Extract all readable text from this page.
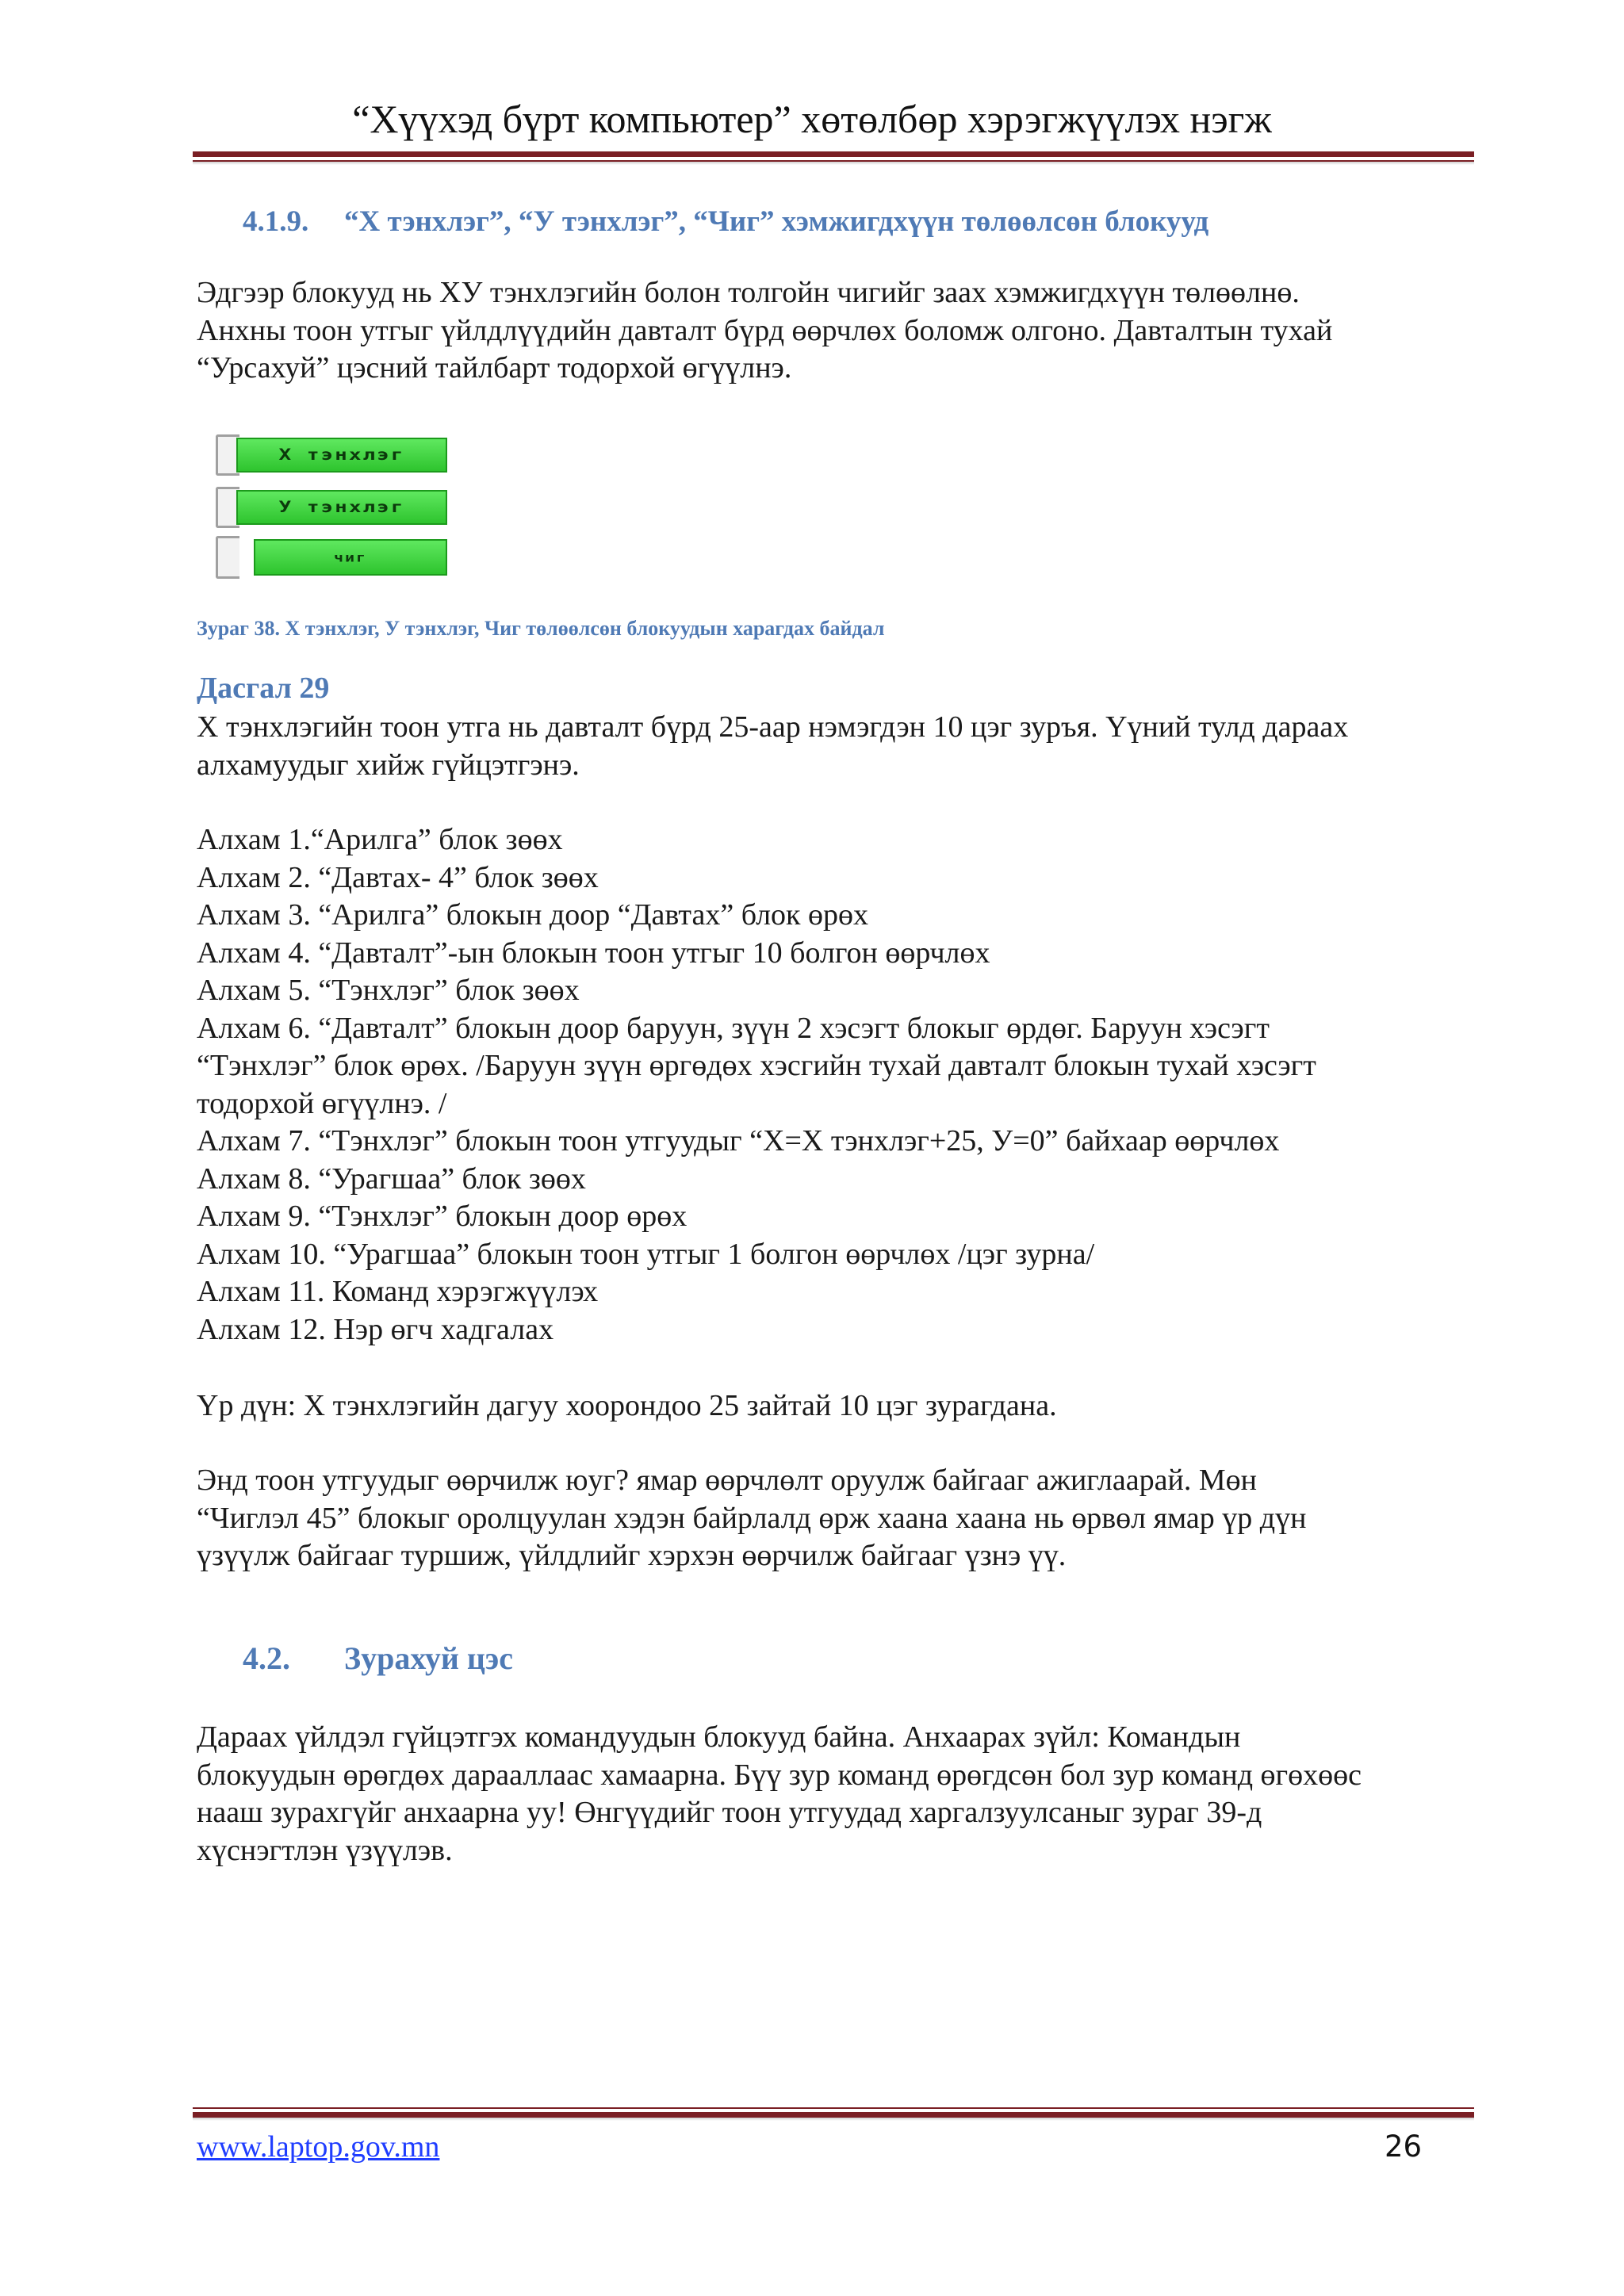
“Хүүхэд бүрт компьютер” хөтөлбөр хэрэгжүүлэх нэгж
4.1.9. “Х тэнхлэг”, “У тэнхлэг”, “Чиг” хэмжигдхүүн төлөөлсөн блокууд
Эдгээр блокууд нь ХУ тэнхлэгийн болон толгойн чигийг заах хэмжигдхүүн төлөөлнө.
Анхны тоон утгыг үйлдлүүдийн давталт бүрд өөрчлөх боломж олгоно. Давталтын тухай
“Урсахуй” цэсний тайлбарт тодорхой өгүүлнэ.
Х тэнхлэг
У тэнхлэг
чиг
Зураг 38. Х тэнхлэг, У тэнхлэг, Чиг төлөөлсөн блокуудын харагдах байдал
Дасгал 29
Х тэнхлэгийн тоон утга нь давталт бүрд 25-аар нэмэгдэн 10 цэг зуръя. Үүний тулд дараах
алхамуудыг хийж гүйцэтгэнэ.
Алхам 1.“Арилга” блок зөөх
Алхам 2. “Давтах- 4” блок зөөх
Алхам 3. “Арилга” блокын доор “Давтах” блок өрөх
Алхам 4. “Давталт”-ын блокын тоон утгыг 10 болгон өөрчлөх
Алхам 5. “Тэнхлэг” блок зөөх
Алхам 6. “Давталт” блокын доор баруун, зүүн 2 хэсэгт блокыг өрдөг. Баруун хэсэгт
“Тэнхлэг” блок өрөх. /Баруун зүүн өргөдөх хэсгийн тухай давталт блокын тухай хэсэгт
тодорхой өгүүлнэ. /
Алхам 7. “Тэнхлэг” блокын тоон утгуудыг “Х=Х тэнхлэг+25, У=0” байхаар өөрчлөх
Алхам 8. “Урагшаа” блок зөөх
Алхам 9. “Тэнхлэг” блокын доор өрөх
Алхам 10. “Урагшаа” блокын тоон утгыг 1 болгон өөрчлөх /цэг зурна/
Алхам 11. Команд хэрэгжүүлэх
Алхам 12. Нэр өгч хадгалах
Үр дүн: Х тэнхлэгийн дагуу хоорондоо 25 зайтай 10 цэг зурагдана.
Энд тоон утгуудыг өөрчилж юуг? ямар өөрчлөлт оруулж байгааг ажиглаарай. Мөн
“Чиглэл 45” блокыг оролцуулан хэдэн байрлалд өрж хаана хаана нь өрвөл ямар үр дүн
үзүүлж байгааг туршиж, үйлдлийг хэрхэн өөрчилж байгааг үзнэ үү.
4.2. Зурахуй цэс
Дараах үйлдэл гүйцэтгэх командуудын блокууд байна. Анхаарах зүйл: Командын
блокуудын өрөгдөх дарааллаас хамаарна. Бүү зур команд өрөгдсөн бол зур команд өгөхөөс
нааш зурахгүйг анхаарна уу! Өнгүүдийг тоон утгуудад харгалзуулсаныг зураг 39-д
хүснэгтлэн үзүүлэв.
www.laptop.gov.mn	26
